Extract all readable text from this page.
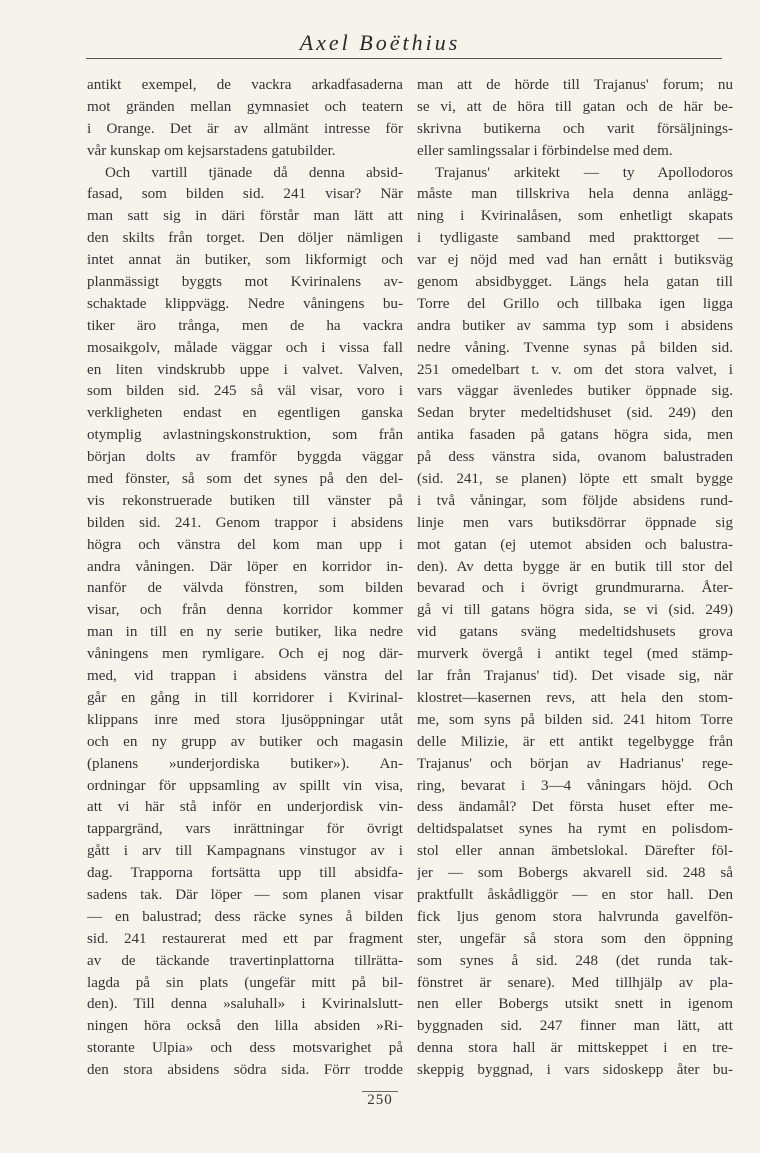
Axel Boëthius
antikt exempel, de vackra arkadfasaderna
mot gränden mellan gymnasiet och teatern
i Orange. Det är av allmänt intresse för
vår kunskap om kejsarstadens gatubilder.
Och vartill tjänade då denna absid-
fasad, som bilden sid. 241 visar? När
man satt sig in däri förstår man lätt att
den skilts från torget. Den döljer nämligen
intet annat än butiker, som likformigt och
planmässigt byggts mot Kvirinalens av-
schaktade klippvägg. Nedre våningens bu-
tiker äro trånga, men de ha vackra
mosaikgolv, målade väggar och i vissa fall
en liten vindskrubb uppe i valvet. Valven,
som bilden sid. 245 så väl visar, voro i
verkligheten endast en egentligen ganska
otymplig avlastningskonstruktion, som från
början dolts av framför byggda väggar
med fönster, så som det synes på den del-
vis rekonstruerade butiken till vänster på
bilden sid. 241. Genom trappor i absidens
högra och vänstra del kom man upp i
andra våningen. Där löper en korridor in-
nanför de välvda fönstren, som bilden
visar, och från denna korridor kommer
man in till en ny serie butiker, lika nedre
våningens men rymligare. Och ej nog där-
med, vid trappan i absidens vänstra del
går en gång in till korridorer i Kvirinal-
klippans inre med stora ljusöppningar utåt
och en ny grupp av butiker och magasin
(planens »underjordiska butiker»). An-
ordningar för uppsamling av spillt vin visa,
att vi här stå inför en underjordisk vin-
tappargränd, vars inrättningar för övrigt
gått i arv till Kampagnans vinstugor av i
dag. Trapporna fortsätta upp till absidfa-
sadens tak. Där löper — som planen visar
— en balustrad; dess räcke synes å bilden
sid. 241 restaurerat med ett par fragment
av de täckande travertinplattorna tillrätta-
lagda på sin plats (ungefär mitt på bil-
den). Till denna »saluhall» i Kvirinalslutt-
ningen höra också den lilla absiden »Ri-
storante Ulpia» och dess motsvarighet på
den stora absidens södra sida. Förr trodde
man att de hörde till Trajanus' forum; nu
se vi, att de höra till gatan och de här be-
skrivna butikerna och varit försäljnings-
eller samlingssalar i förbindelse med dem.
Trajanus' arkitekt — ty Apollodoros
måste man tillskriva hela denna anlägg-
ning i Kvirinalåsen, som enhetligt skapats
i tydligaste samband med prakttorget —
var ej nöjd med vad han ernått i butiksväg
genom absidbygget. Längs hela gatan till
Torre del Grillo och tillbaka igen ligga
andra butiker av samma typ som i absidens
nedre våning. Tvenne synas på bilden sid.
251 omedelbart t. v. om det stora valvet, i
vars väggar ävenledes butiker öppnade sig.
Sedan bryter medeltidshuset (sid. 249) den
antika fasaden på gatans högra sida, men
på dess vänstra sida, ovanom balustraden
(sid. 241, se planen) löpte ett smalt bygge
i två våningar, som följde absidens rund-
linje men vars butiksdörrar öppnade sig
mot gatan (ej utemot absiden och balustra-
den). Av detta bygge är en butik till stor del
bevarad och i övrigt grundmurarna. Åter-
gå vi till gatans högra sida, se vi (sid. 249)
vid gatans sväng medeltidshusets grova
murverk övergå i antikt tegel (med stämp-
lar från Trajanus' tid). Det visade sig, när
klostret—kasernen revs, att hela den stom-
me, som syns på bilden sid. 241 hitom Torre
delle Milizie, är ett antikt tegelbygge från
Trajanus' och början av Hadrianus' rege-
ring, bevarat i 3—4 våningars höjd. Och
dess ändamål? Det första huset efter me-
deltidspalatset synes ha rymt en polisdom-
stol eller annan ämbetslokal. Därefter föl-
jer — som Bobergs akvarell sid. 248 så
praktfullt åskådliggör — en stor hall. Den
fick ljus genom stora halvrunda gavelfön-
ster, ungefär så stora som den öppning
som synes å sid. 248 (det runda tak-
fönstret är senare). Med tillhjälp av pla-
nen eller Bobergs utsikt snett in igenom
byggnaden sid. 247 finner man lätt, att
denna stora hall är mittskeppet i en tre-
skeppig byggnad, i vars sidoskepp åter bu-
250
